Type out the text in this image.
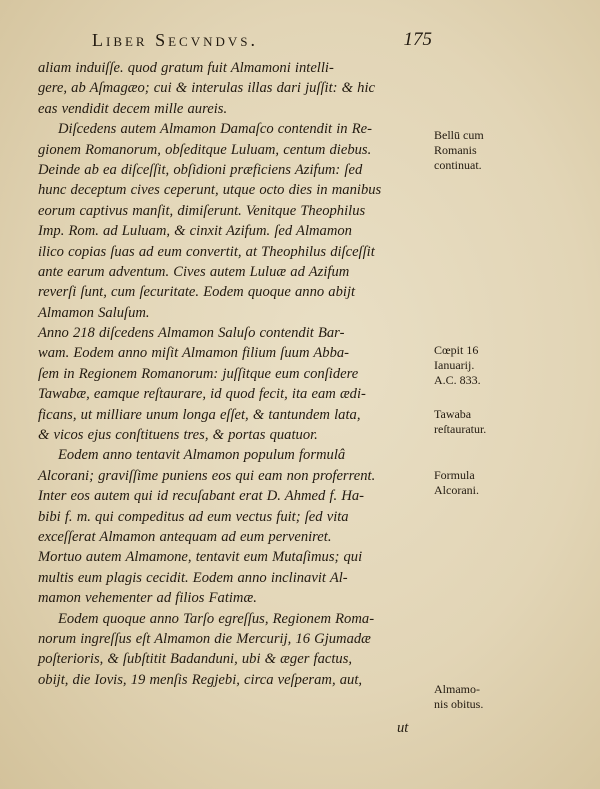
Liber Secvndvs.	175
aliam induiſſe. quod gratum fuit Almamoni intelli-
gere, ab Aſmagæo; cui & interulas illas dari juſſit: & hic
eas vendidit decem mille aureis.
Diſcedens autem Almamon Damaſco contendit in Re-
gionem Romanorum, obſeditque Luluam, centum diebus.
Deinde ab ea diſceſſit, obſidioni præficiens Azifum: ſed
hunc deceptum cives ceperunt, utque octo dies in manibus
eorum captivus manſit, dimiſerunt. Venitque Theophilus
Imp. Rom. ad Luluam, & cinxit Azifum. ſed Almamon
ilico copias ſuas ad eum convertit, at Theophilus diſceſſit
ante earum adventum. Cives autem Luluæ ad Azifum
reverſi ſunt, cum ſecuritate. Eodem quoque anno abijt
Almamon Saluſum.
Anno 218 diſcedens Almamon Saluſo contendit Bar-
wam. Eodem anno miſit Almamon filium ſuum Abba-
ſem in Regionem Romanorum: juſſitque eum conſidere
Tawabæ, eamque reſtaurare, id quod fecit, ita eam ædi-
ficans, ut milliare unum longa eſſet, & tantundem lata,
& vicos ejus conſtituens tres, & portas quatuor.
Eodem anno tentavit Almamon populum formulâ
Alcorani; graviſſime puniens eos qui eam non proferrent.
Inter eos autem qui id recuſabant erat D. Ahmed f. Ha-
bibi f. m. qui compeditus ad eum vectus fuit; ſed vita
exceſſerat Almamon antequam ad eum perveniret.
Mortuo autem Almamone, tentavit eum Mutaſimus; qui
multis eum plagis cecidit. Eodem anno inclinavit Al-
mamon vehementer ad filios Fatimæ.
Eodem quoque anno Tarſo egreſſus, Regionem Roma-
norum ingreſſus eſt Almamon die Mercurij, 16 Gjumadæ
poſterioris, & ſubſtitit Badanduni, ubi & æger factus,
obijt, die Iovis, 19 menſis Regjebi, circa veſperam, aut,
Bellū cum
Romanis
continuat.
Cœpit 16
Ianuarij.
A.C. 833.
Tawaba
reſtauratur.
Formula
Alcorani.
Almamo-
nis obitus.
ut
